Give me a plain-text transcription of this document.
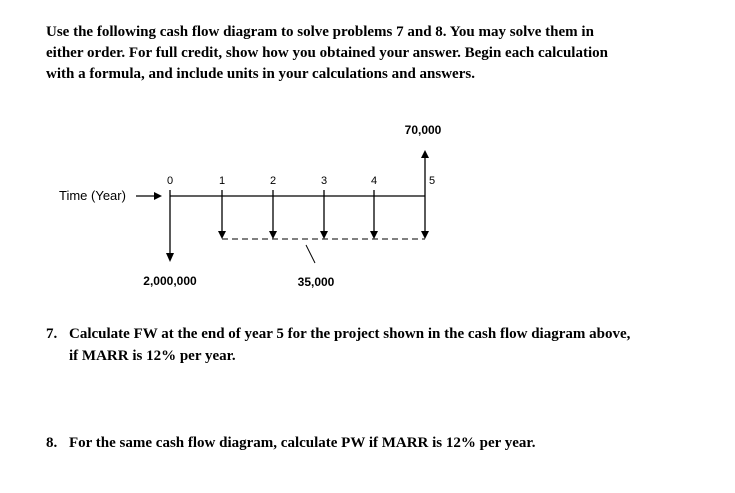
Use the following cash flow diagram to solve problems 7 and 8. You may solve them in
either order. For full credit, show how you obtained your answer. Begin each calculation
with a formula, and include units in your calculations and answers.
Time (Year)
0	1	2	3	4	5
70,000
2,000,000	35,000
7. Calculate FW at the end of year 5 for the project shown in the cash flow diagram above,
if MARR is 12% per year.
8. For the same cash flow diagram, calculate PW if MARR is 12% per year.
